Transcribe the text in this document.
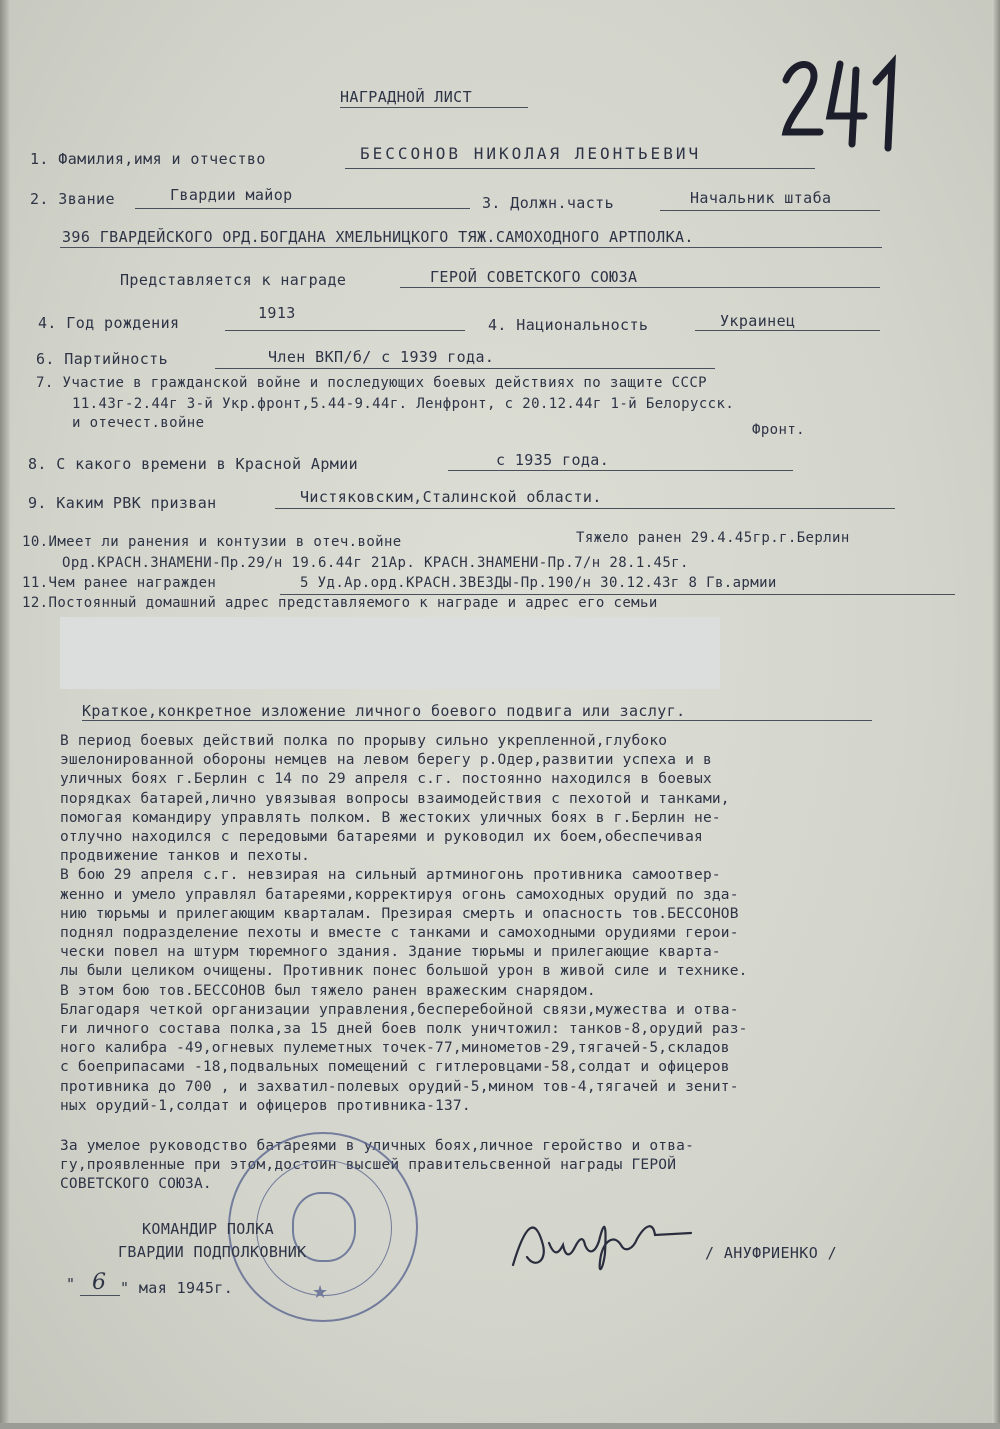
НАГРАДНОЙ ЛИСТ
1. Фамилия,имя и отчество	БЕССОНОВ НИКОЛАЯ ЛЕОНТЬЕВИЧ
2. Звание	Гвардии майор	3. Должн.часть	Начальник штаба
396 ГВАРДЕЙСКОГО ОРД.БОГДАНА ХМЕЛЬНИЦКОГО ТЯЖ.САМОХОДНОГО АРТПОЛКА.
Представляется к награде	ГЕРОЙ СОВЕТСКОГО СОЮЗА
4. Год рождения
1913
4. Национальность	Украинец
6. Партийность	Член ВКП/б/ с 1939 года.
7. Участие в гражданской войне и последующих боевых действиях по защите СССР
11.43г-2.44г 3-й Укр.фронт,5.44-9.44г. Ленфронт, с 20.12.44г 1-й Белорусск.
и отечест.войне	Фронт.
8. С какого времени в Красной Армии	с 1935 года.
9. Каким РВК призван	Чистяковским,Сталинской области.
10.Имеет ли ранения и контузии в отеч.войне	Тяжело ранен 29.4.45гр.г.Берлин
Орд.КРАСН.ЗНАМЕНИ-Пр.29/н 19.6.44г 21Ар. КРАСН.ЗНАМЕНИ-Пр.7/н 28.1.45г.
11.Чем ранее награжден	5 Уд.Ар.орд.КРАСН.ЗВЕЗДЫ-Пр.190/н 30.12.43г 8 Гв.армии
12.Постоянный домашний адрес представляемого к награде и адрес его семьи
Краткое,конкретное изложение личного боевого подвига или заслуг.
В период боевых действий полка по прорыву сильно укрепленной,глубоко
эшелонированной обороны немцев на левом берегу р.Одер,развитии успеха и в
уличных боях г.Берлин с 14 по 29 апреля с.г. постоянно находился в боевых
порядках батарей,лично увязывая вопросы взаимодействия с пехотой и танками,
помогая командиру управлять полком. В жестоких уличных боях в г.Берлин не-
отлучно находился с передовыми батареями и руководил их боем,обеспечивая
продвижение танков и пехоты.
В бою 29 апреля с.г. невзирая на сильный артминогонь противника самоотвер-
женно и умело управлял батареями,корректируя огонь самоходных орудий по зда-
нию тюрьмы и прилегающим кварталам. Презирая смерть и опасность тов.БЕССОНОВ
поднял подразделение пехоты и вместе с танками и самоходными орудиями герои-
чески повел на штурм тюремного здания. Здание тюрьмы и прилегающие кварта-
лы были целиком очищены. Противник понес большой урон в живой силе и технике.
В этом бою тов.БЕССОНОВ был тяжело ранен вражеским снарядом.
Благодаря четкой организации управления,бесперебойной связи,мужества и отва-
ги личного состава полка,за 15 дней боев полк уничтожил: танков-8,орудий раз-
ного калибра -49,огневых пулеметных точек-77,минометов-29,тягачей-5,складов
с боеприпасами -18,подвальных помещений с гитлеровцами-58,солдат и офицеров
противника до 700 , и захватил-полевых орудий-5,мином тов-4,тягачей и зенит-
ных орудий-1,солдат и офицеров противника-137.
За умелое руководство батареями в уличных боях,личное геройство и отва-
гу,проявленные при этом,достоин высшей правительсвенной награды ГЕРОЙ
СОВЕТСКОГО СОЮЗА.
★
КОМАНДИР ПОЛКА
ГВАРДИИ ПОДПОЛКОВНИК	/ АНУФРИЕНКО /
" 6 " мая 1945г.
